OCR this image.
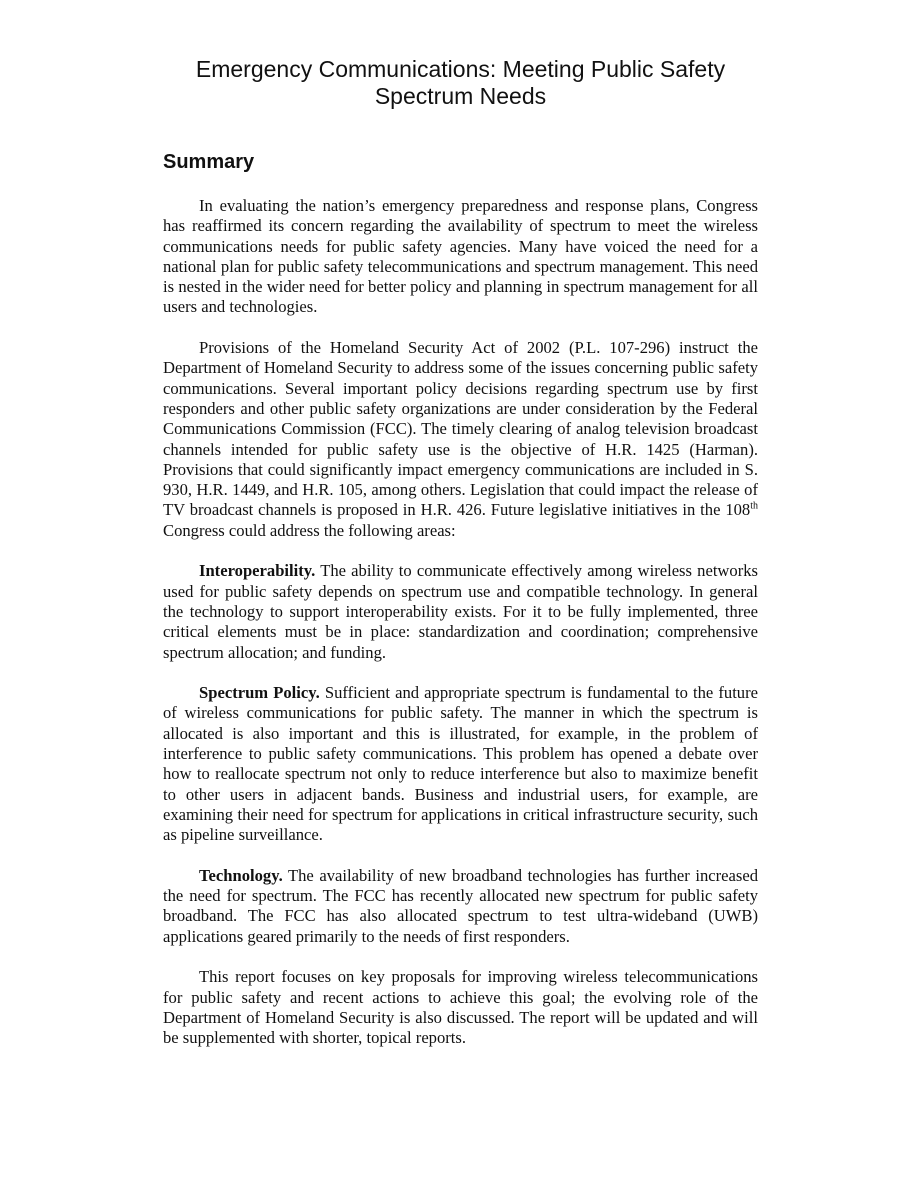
Emergency Communications: Meeting Public Safety
Spectrum Needs
Summary

In evaluating the nation’s emergency preparedness and response plans, Congress has reaffirmed its concern regarding the availability of spectrum to meet the wireless communications needs for public safety agencies. Many have voiced the need for a national plan for public safety telecommunications and spectrum management. This need is nested in the wider need for better policy and planning in spectrum management for all users and technologies.

Provisions of the Homeland Security Act of 2002 (P.L. 107-296) instruct the Department of Homeland Security to address some of the issues concerning public safety communications. Several important policy decisions regarding spectrum use by first responders and other public safety organizations are under consideration by the Federal Communications Commission (FCC). The timely clearing of analog television broadcast channels intended for public safety use is the objective of H.R. 1425 (Harman). Provisions that could significantly impact emergency communications are included in S. 930, H.R. 1449, and H.R. 105, among others. Legislation that could impact the release of TV broadcast channels is proposed in H.R. 426. Future legislative initiatives in the 108th Congress could address the following areas:

Interoperability. The ability to communicate effectively among wireless networks used for public safety depends on spectrum use and compatible technology. In general the technology to support interoperability exists. For it to be fully implemented, three critical elements must be in place: standardization and coordination; comprehensive spectrum allocation; and funding.

Spectrum Policy. Sufficient and appropriate spectrum is fundamental to the future of wireless communications for public safety. The manner in which the spectrum is allocated is also important and this is illustrated, for example, in the problem of interference to public safety communications. This problem has opened a debate over how to reallocate spectrum not only to reduce interference but also to maximize benefit to other users in adjacent bands. Business and industrial users, for example, are examining their need for spectrum for applications in critical infrastructure security, such as pipeline surveillance.

Technology. The availability of new broadband technologies has further increased the need for spectrum. The FCC has recently allocated new spectrum for public safety broadband. The FCC has also allocated spectrum to test ultra-wideband (UWB) applications geared primarily to the needs of first responders.

This report focuses on key proposals for improving wireless telecommunications for public safety and recent actions to achieve this goal; the evolving role of the Department of Homeland Security is also discussed. The report will be updated and will be supplemented with shorter, topical reports.
